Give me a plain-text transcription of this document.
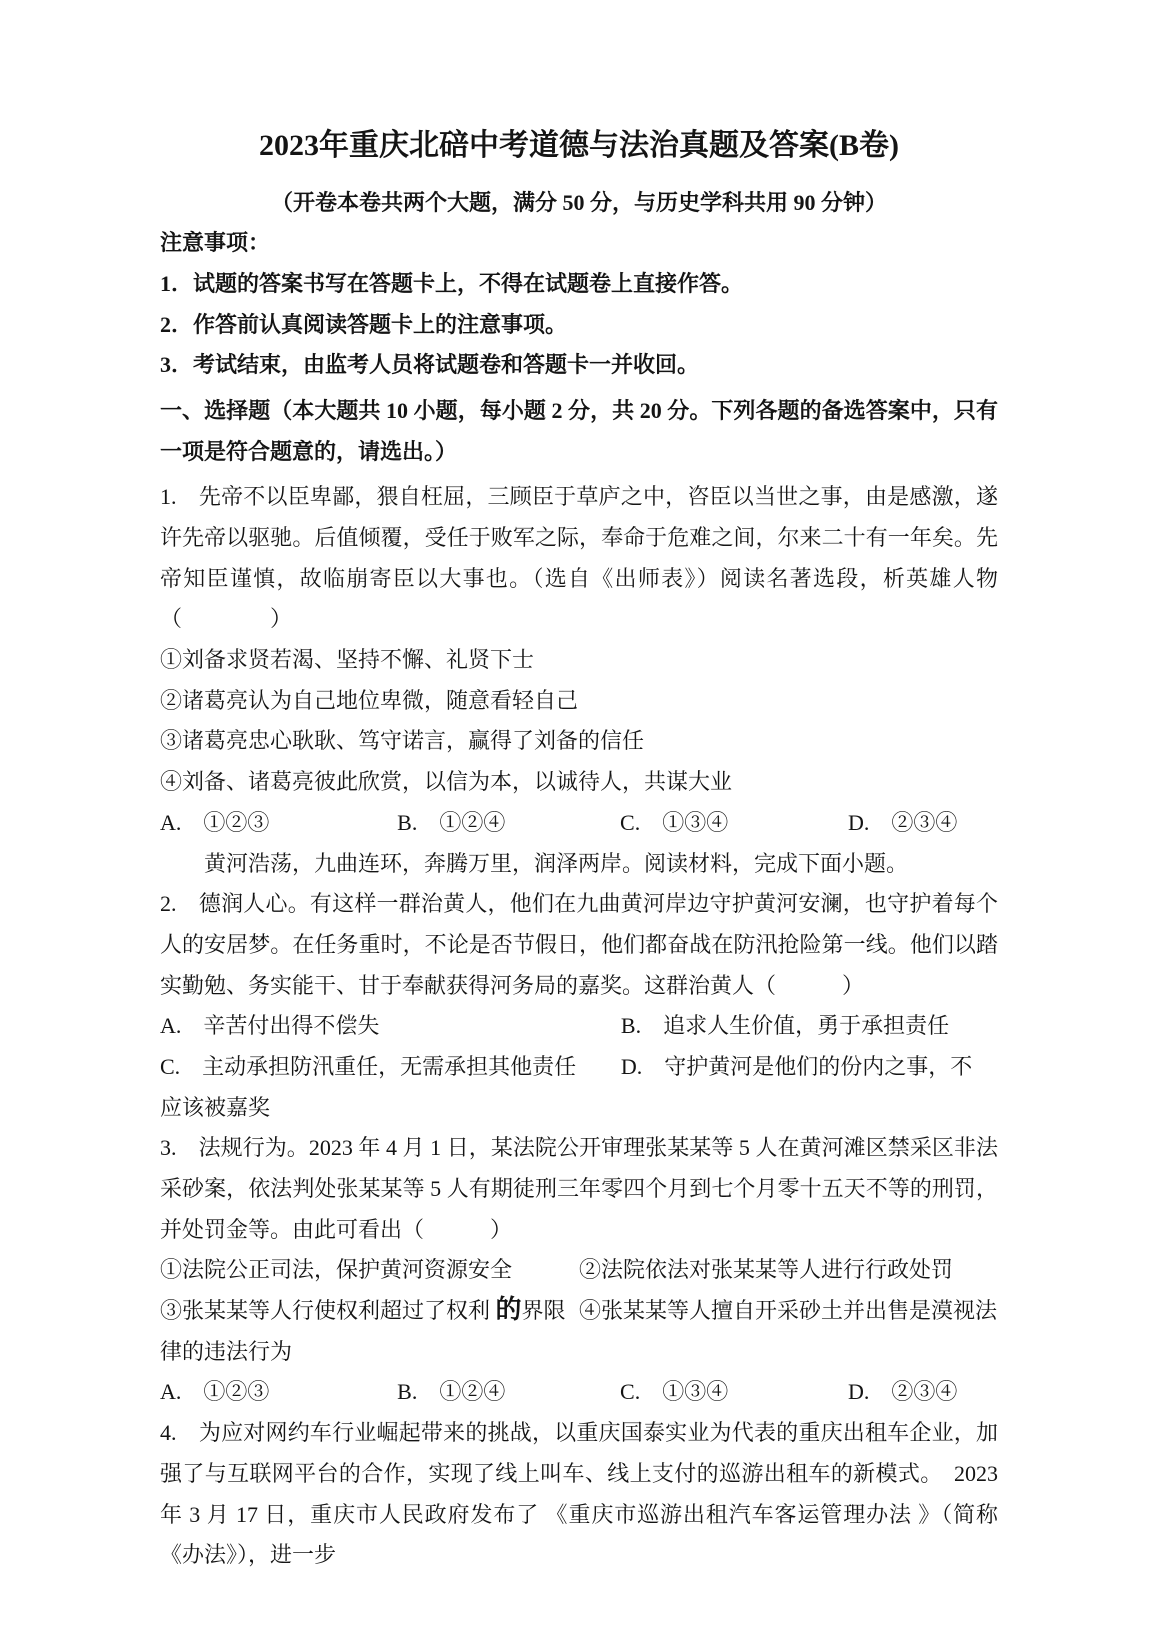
2023年重庆北碚中考道德与法治真题及答案(B卷)

（开卷本卷共两个大题，满分 50 分，与历史学科共用 90 分钟）

注意事项：

1．试题的答案书写在答题卡上，不得在试题卷上直接作答。

2．作答前认真阅读答题卡上的注意事项。

3．考试结束，由监考人员将试题卷和答题卡一并收回。

一、选择题（本大题共 10 小题，每小题 2 分，共 20 分。下列各题的备选答案中，只有一项是符合题意的，请选出。）

1.　先帝不以臣卑鄙，猥自枉屈，三顾臣于草庐之中，咨臣以当世之事，由是感激，遂许先帝以驱驰。后值倾覆，受任于败军之际，奉命于危难之间，尔来二十有一年矣。先帝知臣谨慎，故临崩寄臣以大事也。（选自《出师表》）阅读名著选段，析英雄人物（　　　　）

①刘备求贤若渴、坚持不懈、礼贤下士

②诸葛亮认为自己地位卑微，随意看轻自己

③诸葛亮忠心耿耿、笃守诺言，赢得了刘备的信任

④刘备、诸葛亮彼此欣赏，以信为本，以诚待人，共谋大业

A.　①②③	B.　①②④	C.　①③④	D.　②③④

黄河浩荡，九曲连环，奔腾万里，润泽两岸。阅读材料，完成下面小题。

2.　德润人心。有这样一群治黄人，他们在九曲黄河岸边守护黄河安澜，也守护着每个人的安居梦。在任务重时，不论是否节假日，他们都奋战在防汛抢险第一线。他们以踏实勤勉、务实能干、甘于奉献获得河务局的嘉奖。这群治黄人（　　　）

A.　辛苦付出得不偿失	B.　追求人生价值，勇于承担责任
C.　主动承担防汛重任，无需承担其他责任	D.　守护黄河是他们的份内之事，不

应该被嘉奖

3.　法规行为。2023 年 4 月 1 日，某法院公开审理张某某等 5 人在黄河滩区禁采区非法采砂案，依法判处张某某等 5 人有期徒刑三年零四个月到七个月零十五天不等的刑罚，并处罚金等。由此可看出（　　　）

①法院公正司法，保护黄河资源安全	②法院依法对张某某等人进行行政处罚
③张某某等人行使权利超过了权利 的界限 ④张某某等人擅自开采砂土并出售是漠视法

律的违法行为

A.　①②③	B.　①②④	C.　①③④	D.　②③④

4.　为应对网约车行业崛起带来的挑战，以重庆国泰实业为代表的重庆出租车企业，加强了与互联网平台的合作，实现了线上叫车、线上支付的巡游出租车的新模式。　2023 年 3 月 17 日，重庆市人民政府发布了 《重庆市巡游出租汽车客运管理办法 》（简称《办法》），进一步
